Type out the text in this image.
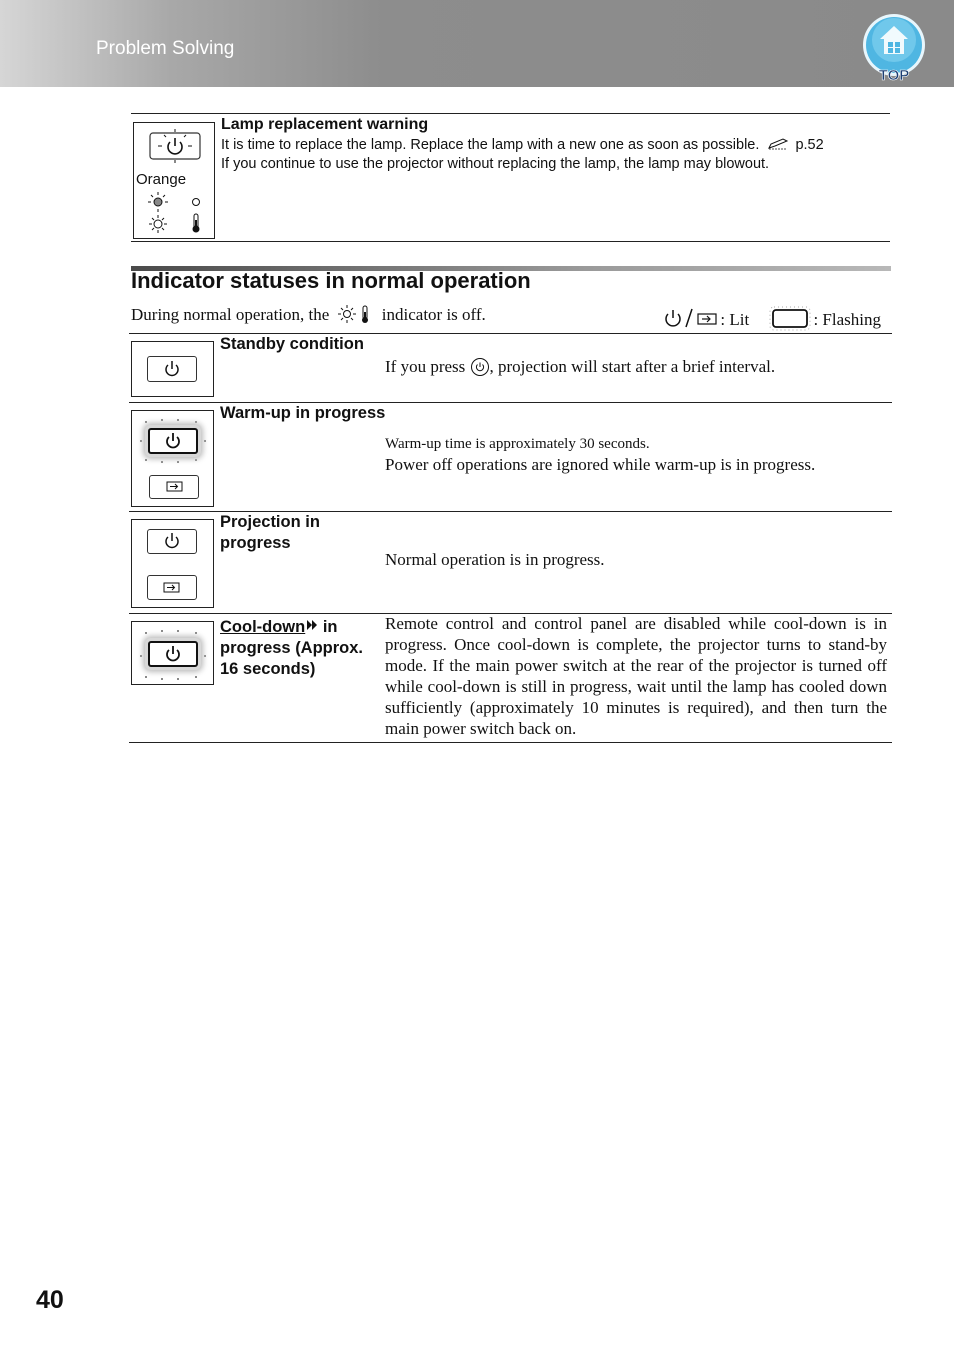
Problem Solving
TOP
Orange
Lamp replacement warning
It is time to replace the lamp. Replace the lamp with a new one as soon as possible. p.52
If you continue to use the projector without replacing the lamp, the lamp may blowout.
Indicator statuses in normal operation
During normal operation, the	indicator is off.	: Lit	: Flashing
Standby condition
If you press , projection will start after a brief interval.
Warm-up in progress
Warm-up time is approximately 30 seconds.
Power off operations are ignored while warm-up is in progress.
Projection in progress
Normal operation is in progress.
Cool-down in progress (Approx. 16 seconds)
Remote control and control panel are disabled while cool-down is in progress. Once cool-down is complete, the projector turns to stand-by mode. If the main power switch at the rear of the projector is turned off while cool-down is still in progress, wait until the lamp has cooled down sufficiently (approximately 10 minutes is required), and then turn the main power switch back on.
40
